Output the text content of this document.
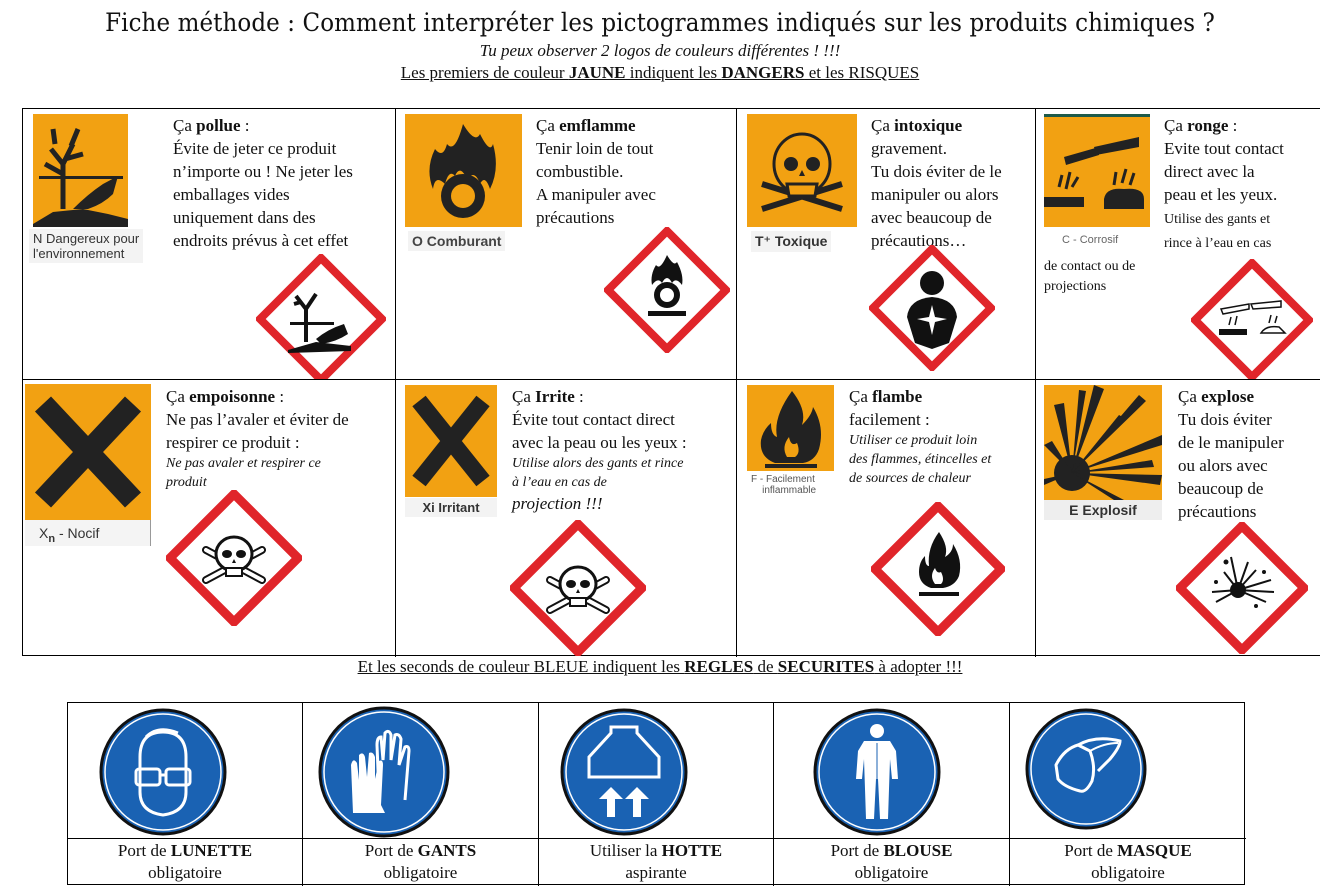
Fiche méthode : Comment interpréter les pictogrammes indiqués sur les produits chimiques ?
Tu peux observer 2 logos de couleurs différentes ! !!!
Les premiers de couleur JAUNE indiquent les DANGERS et les RISQUES
N Dangereux pour
l'environnement
Ça pollue :
Évite de jeter ce produit
n’importe ou ! Ne jeter les
emballages vides
uniquement dans des
endroits prévus à cet effet	O Comburant
Ça emflamme
Tenir loin de tout
combustible.
A manipuler avec
précautions
T⁺ Toxique
Ça intoxique
gravement.
Tu dois éviter de le
manipuler ou alors
avec beaucoup de
précautions…	C - Corrosif
Ça ronge :
Evite tout contact
direct avec la
peau et les yeux.
Utilise des gants et
rince à l’eau en cas
de contact ou de
projections
$X_n$ - Nocif
Ça empoisonne :
Ne pas l’avaler et éviter de
respirer ce produit :
Ne pas avaler et respirer ce
produit
Xi Irritant
Ça Irrite :
Évite tout contact direct
avec la peau ou les yeux :
Utilise alors des gants et rince
à l’eau en cas de
projection !!!
F - Facilement
inflammable
Ça flambe
facilement :
Utiliser ce produit loin
des flammes, étincelles et
de sources de chaleur
E Explosif
Ça explose
Tu dois éviter
de le manipuler
ou alors avec
beaucoup de
précautions
Et les seconds de couleur BLEUE indiquent les REGLES de SECURITES à adopter !!!
Port de LUNETTE
obligatoire
Port de GANTS
obligatoire
Utiliser la HOTTE
aspirante
Port de BLOUSE
obligatoire
Port de MASQUE
obligatoire
